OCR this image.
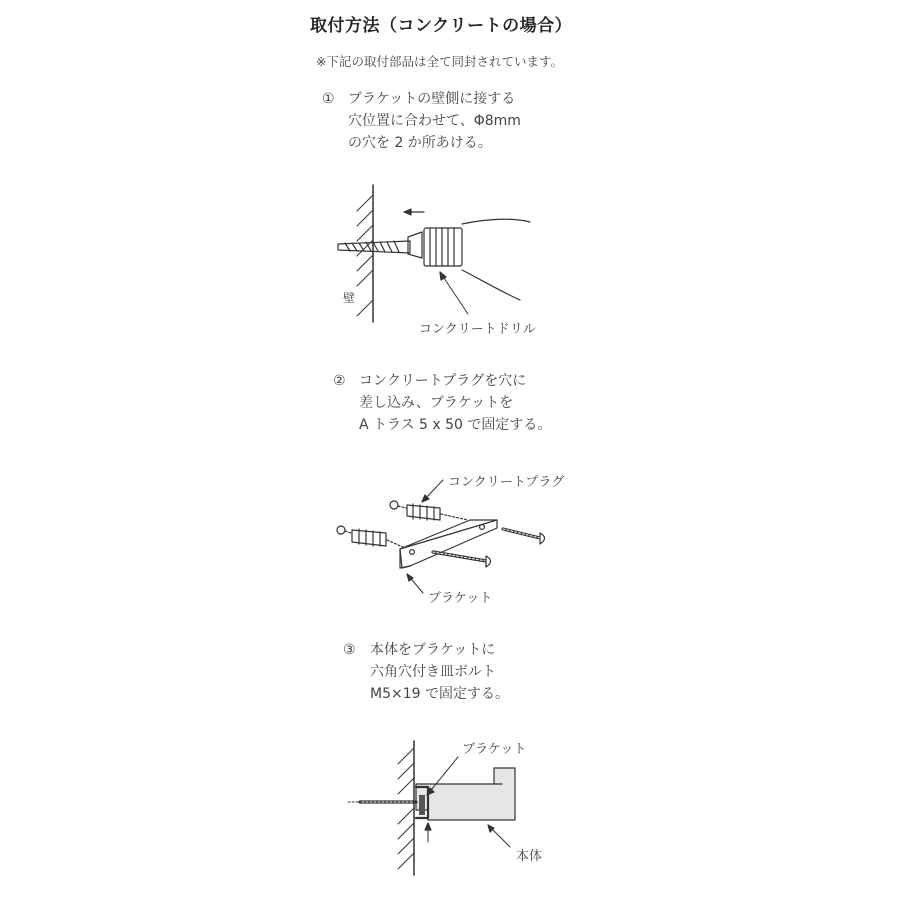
取付方法（コンクリートの場合）
※下記の取付部品は全て同封されています。
① ブラケットの壁側に接する
穴位置に合わせて、Φ8mm
の穴を 2 か所あける。
② コンクリートプラグを穴に
差し込み、ブラケットを
A トラス 5 x 50 で固定する。
③ 本体をブラケットに
六角穴付き皿ボルト
M5×19 で固定する。
壁
コンクリートドリル
コンクリートプラグ
ブラケット
ブラケット
本体
